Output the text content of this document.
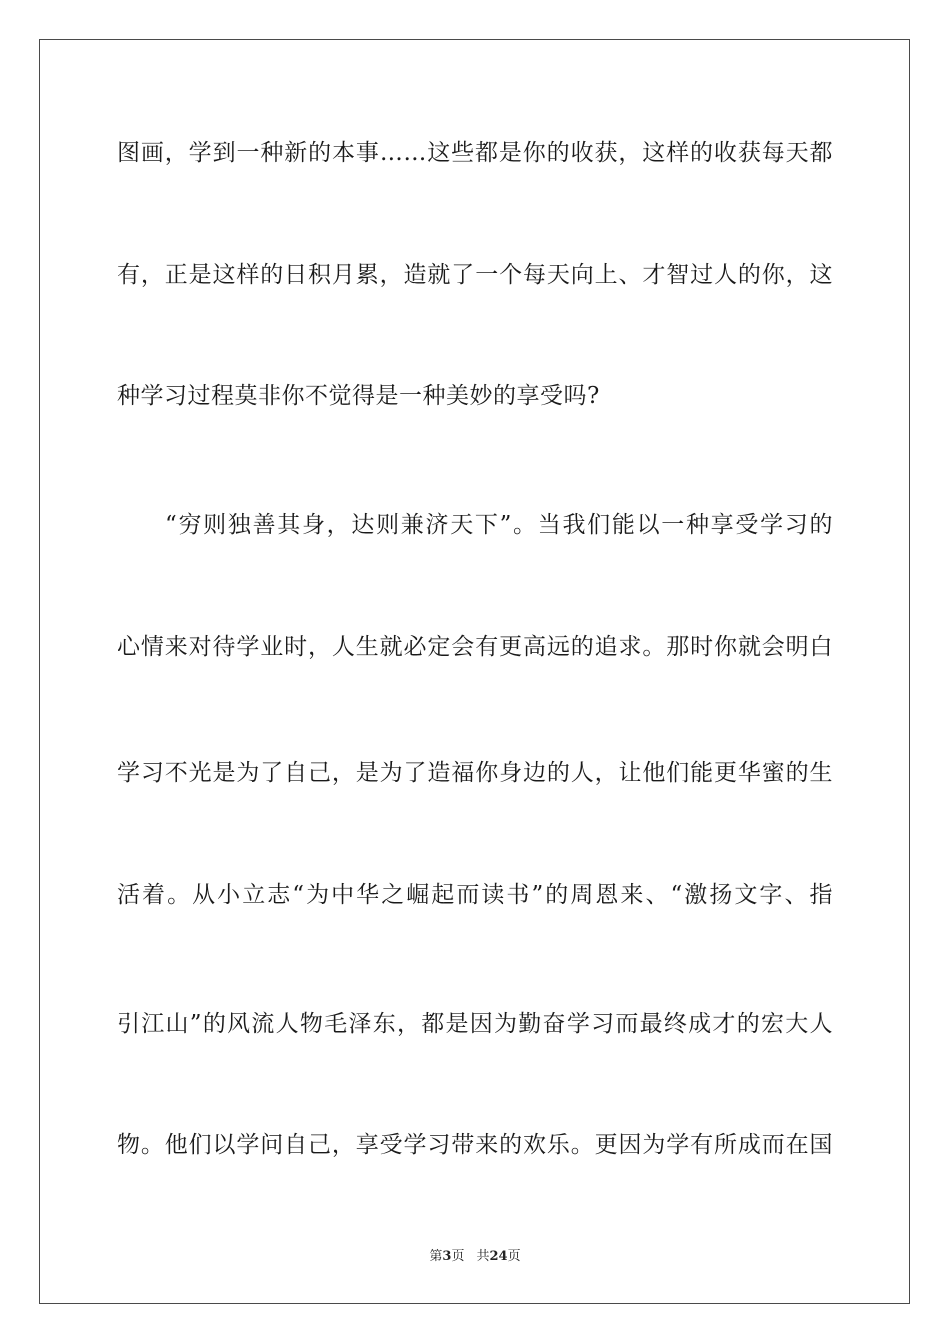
图画，学到一种新的本事……这些都是你的收获，这样的收获每天都
有，正是这样的日积月累，造就了一个每天向上、才智过人的你，这
种学习过程莫非你不觉得是一种美妙的享受吗?
“穷则独善其身，达则兼济天下”。当我们能以一种享受学习的
心情来对待学业时，人生就必定会有更高远的追求。那时你就会明白
学习不光是为了自己，是为了造福你身边的人，让他们能更华蜜的生
活着。从小立志“为中华之崛起而读书”的周恩来、“激扬文字、指
引江山”的风流人物毛泽东，都是因为勤奋学习而最终成才的宏大人
物。他们以学问自己，享受学习带来的欢乐。更因为学有所成而在国
第3页 共24页
